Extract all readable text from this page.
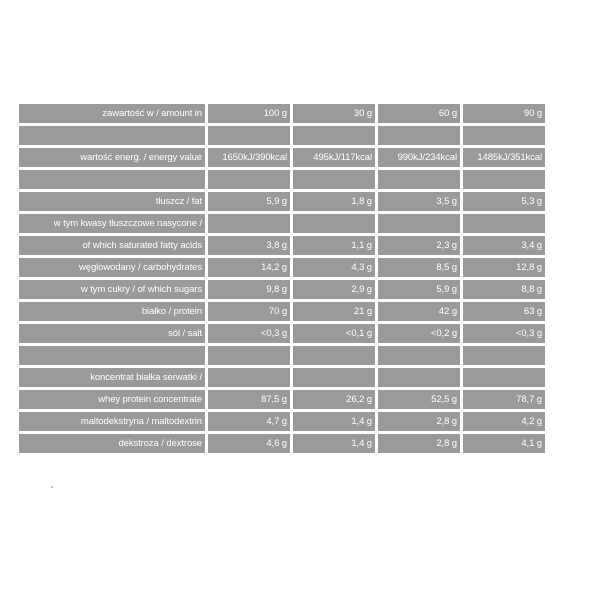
zawartość w / amount in	100 g	30 g	60 g	90 g

wartość energ. / energy value	1650kJ/390kcal	495kJ/117kcal	990kJ/234kcal	1485kJ/351kcal

tłuszcz / fat	5,9 g	1,8 g	3,5 g	5,3 g
w tym kwasy tłuszczowe nasycone /				
of which saturated fatty acids	3,8 g	1,1 g	2,3 g	3,4 g
węglowodany / carbohydrates	14,2 g	4,3 g	8,5 g	12,8 g
w tym cukry / of which sugars	9,8 g	2,9 g	5,9 g	8,8 g
białko / protein	70 g	21 g	42 g	63 g
sól / salt	<0,3 g	<0,1 g	<0,2 g	<0,3 g

koncentrat białka serwatki /				
whey protein concentrate	87,5 g	26,2 g	52,5 g	78,7 g
maltodekstryna / maltodextrin	4,7 g	1,4 g	2,8 g	4,2 g
dekstroza / dextrose	4,6 g	1,4 g	2,8 g	4,1 g
